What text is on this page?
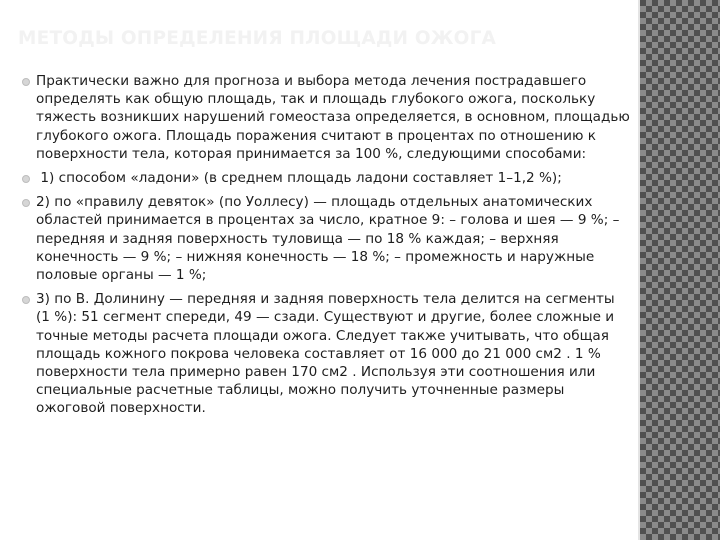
МЕТОДЫ ОПРЕДЕЛЕНИЯ ПЛОЩАДИ ОЖОГА
Практически важно для прогноза и выбора метода лечения пострадавшего определять как общую площадь, так и площадь глубокого ожога, поскольку тяжесть возникших нарушений гомеостаза определяется, в основном, площадью глубокого ожога. Площадь поражения считают в процентах по отношению к поверхности тела, которая принимается за 100 %, следующими способами:
1) способом «ладони» (в среднем площадь ладони составляет 1–1,2 %);
2) по «правилу девяток» (по Уоллесу) — площадь отдельных анатомических областей принимается в процентах за число, кратное 9: – голова и шея — 9 %; – передняя и задняя поверхность туловища — по 18 % каждая; – верхняя конечность — 9 %; – нижняя конечность — 18 %; – промежность и наружные половые органы — 1 %;
3) по В. Долинину — передняя и задняя поверхность тела делится на сегменты (1 %): 51 сегмент спереди, 49 — сзади. Существуют и другие, более сложные и точные методы расчета площади ожога. Следует также учитывать, что общая площадь кожного покрова человека составляет от 16 000 до 21 000 см2 . 1 % поверхности тела примерно равен 170 см2 . Используя эти соотношения или специальные расчетные таблицы, можно получить уточненные размеры ожоговой поверхности.
